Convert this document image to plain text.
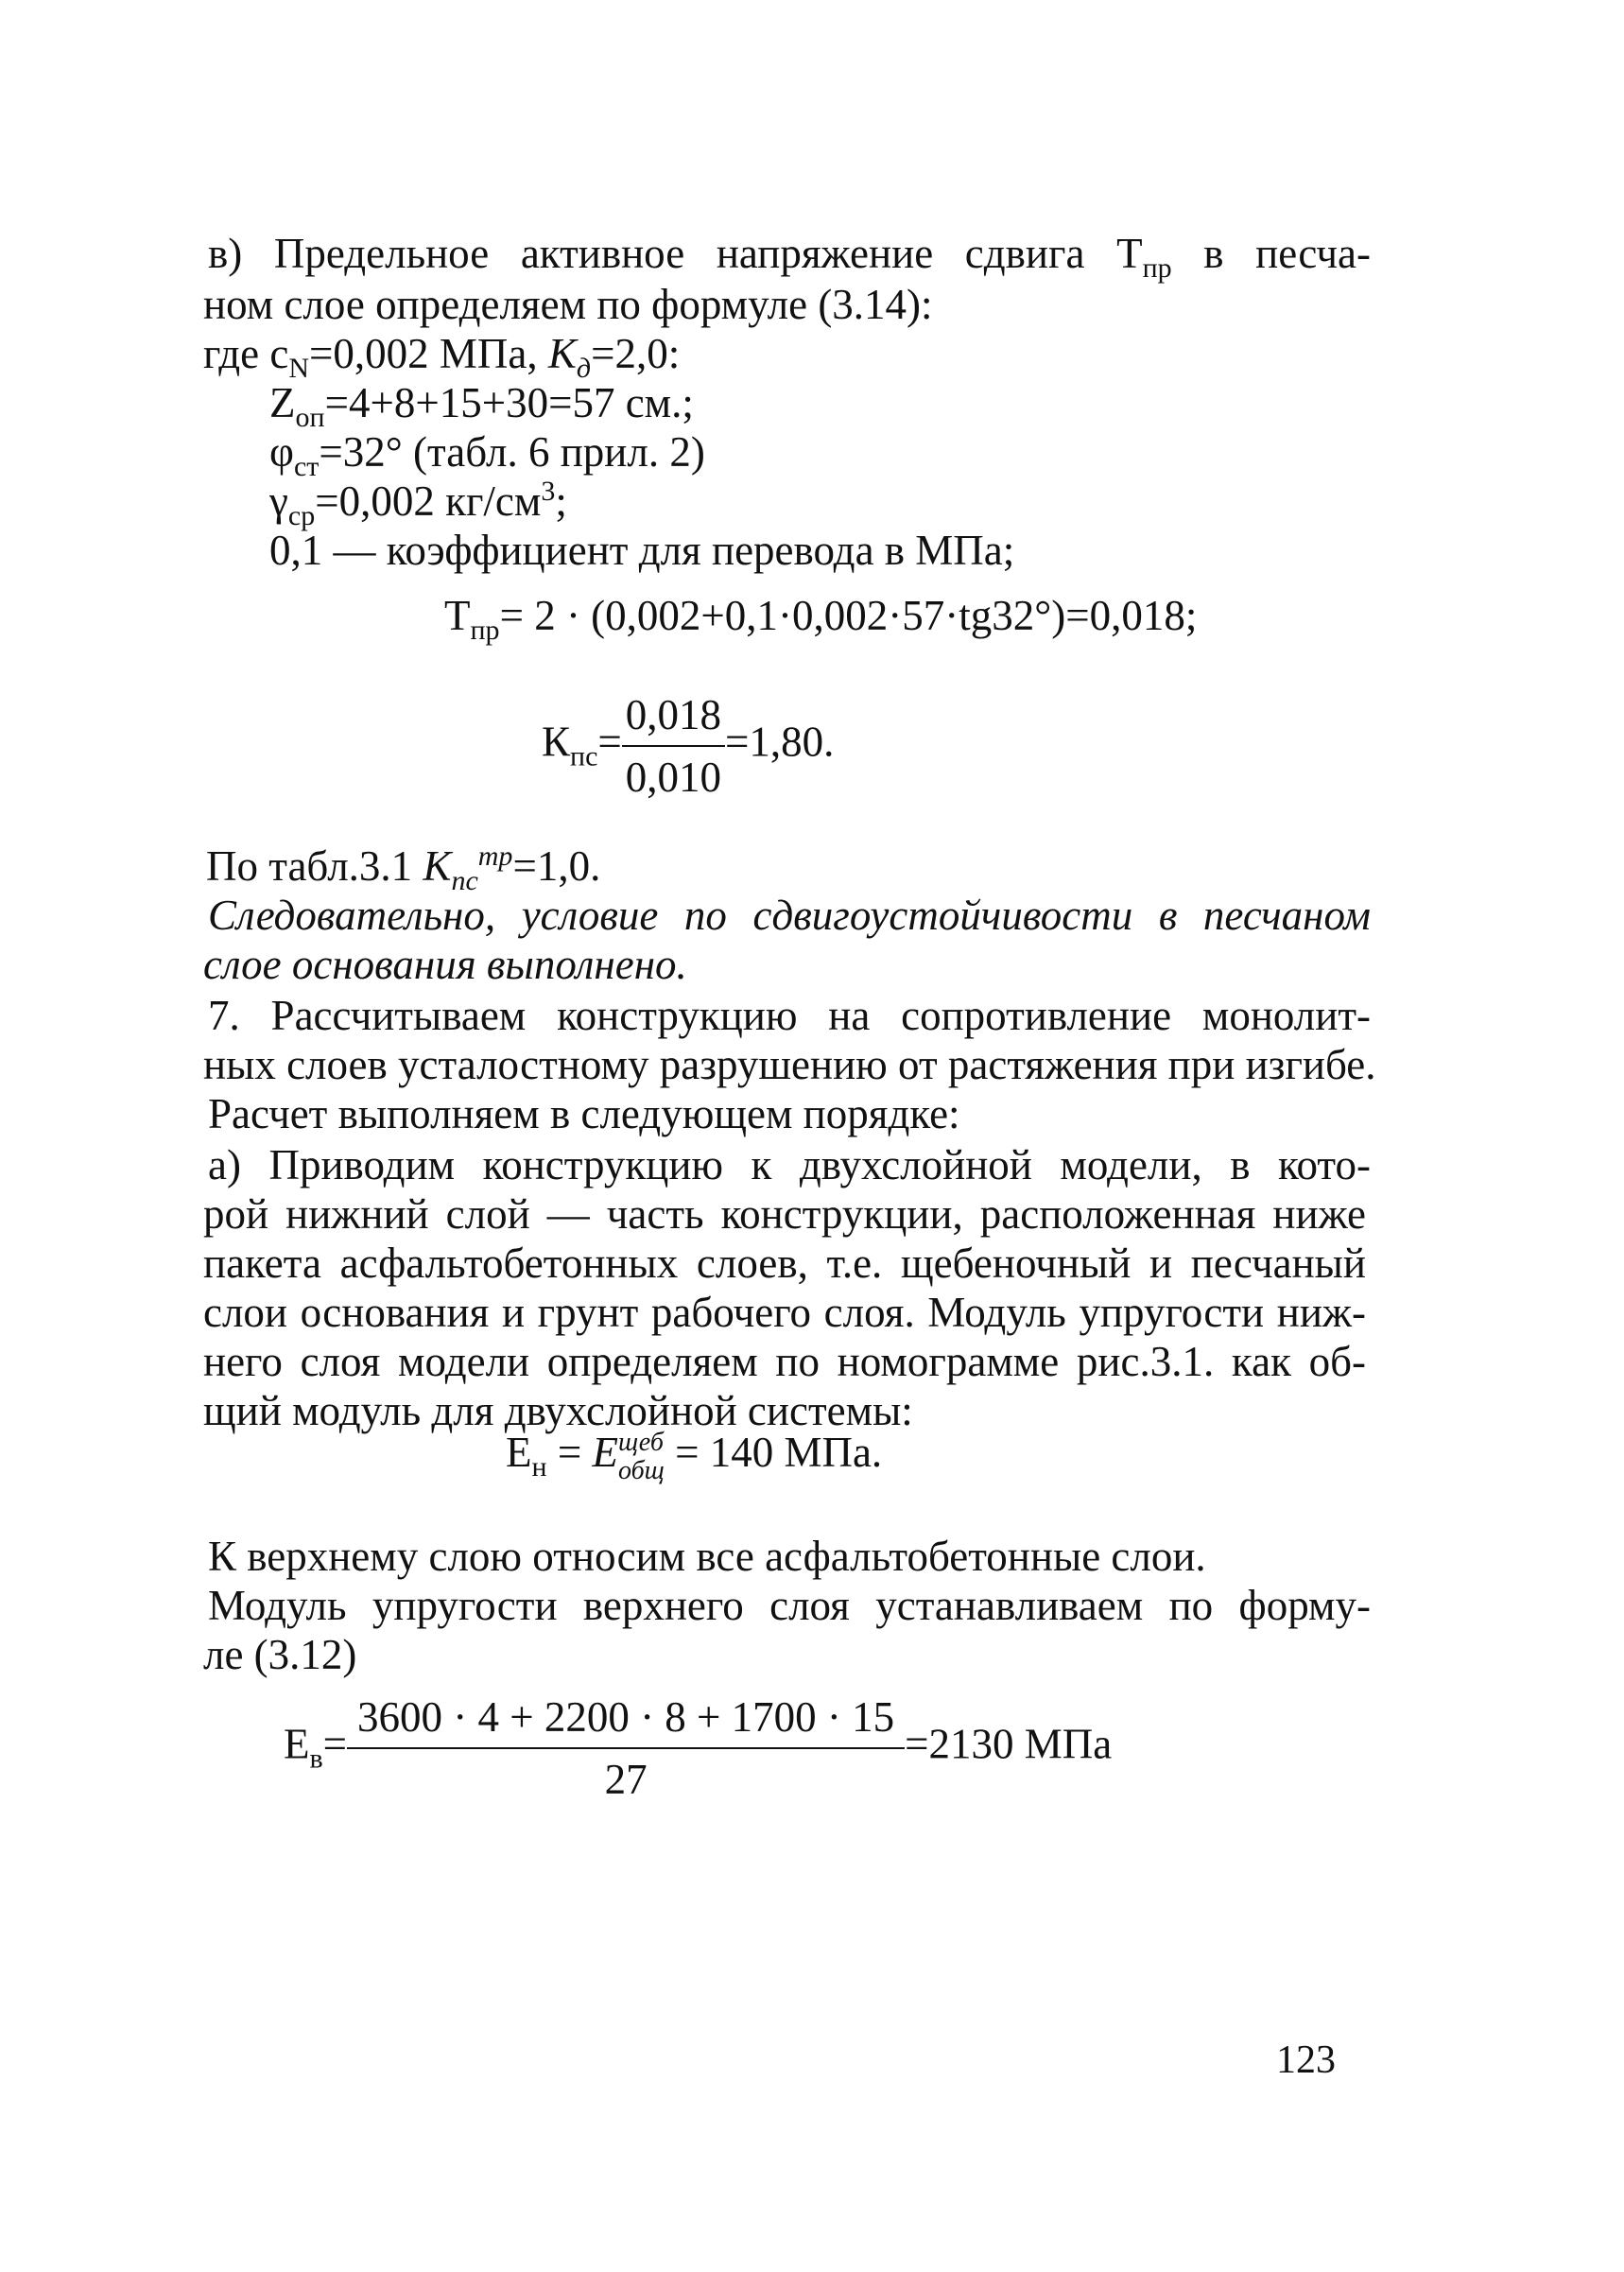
в) Предельное активное напряжение сдвига $Т_{пр}$ в песча-
ном слое определяем по формуле (3.14):
где $c_N=0,002$ МПа, $K_д=2,0$:
$Z_{оп}=4+8+15+30=57$ см.;
$\varphi_{ст}=32^\circ$ (табл. 6 прил. 2)
$\gamma_{ср}=0,002$ $кг/см^3$;
0,1 — коэффициент для перевода в МПа;
$Т_{пр}= 2 \cdot (0,002+0,1\cdot 0,002\cdot 57\cdot tg32^\circ)=0,018$;
$К_{пс}= \frac{0,018}{0,010} =1,80$.
По табл.3.1 $K_{пс}^{тр}=1,0$.
Следовательно, условие по сдвигоустойчивости в песчаном
слое основания выполнено.
7. Рассчитываем конструкцию на сопротивление монолит-
ных слоев усталостному разрушению от растяжения при изгибе.
Расчет выполняем в следующем порядке:
а) Приводим конструкцию к двухслойной модели, в кото-
рой нижний слой — часть конструкции, расположенная ниже
пакета асфальтобетонных слоев, т.е. щебеночный и песчаный
слои основания и грунт рабочего слоя. Модуль упругости ниж-
него слоя модели определяем по номограмме рис.3.1. как об-
щий модуль для двухслойной системы:
$Е_н = E$ щеб
общ = 140 МПа.
К верхнему слою относим все асфальтобетонные слои.
Модуль упругости верхнего слоя устанавливаем по форму-
ле (3.12)
$Е_в= \frac{3600 \cdot 4 + 2200 \cdot 8 + 1700 \cdot 15}{27} =2130$ МПа
123
